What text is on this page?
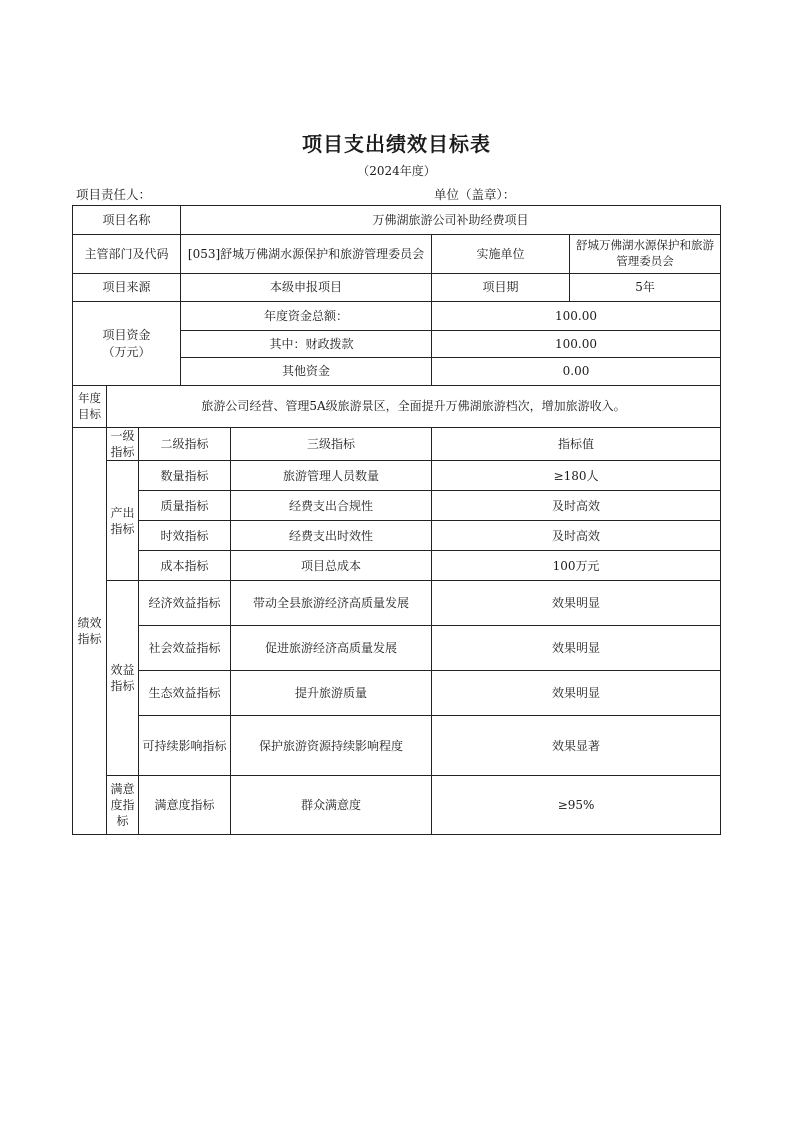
项目支出绩效目标表
（2024年度）
项目责任人：	单位（盖章）：
项目名称			万佛湖旅游公司补助经费项目			
主管部门及代码			[053]舒城万佛湖水源保护和旅游管理委员会		实施单位	舒城万佛湖水源保护和旅游管理委员会
项目来源			本级申报项目		项目期	5年

项目资金
（万元）			年度资金总额：		100.00	
			其中：财政拨款		100.00	
			其他资金		0.00	
年度目标	旅游公司经营、管理5A级旅游景区，全面提升万佛湖旅游档次，增加旅游收入。					
绩效指标	一级指标	二级指标		三级指标	指标值	
	产出指标	数量指标		旅游管理人员数量	≥180人	
		质量指标		经费支出合规性	及时高效	
		时效指标		经费支出时效性	及时高效	
		成本指标		项目总成本	100万元	
	效益指标	经济效益指标		带动全县旅游经济高质量发展	效果明显	
		社会效益指标		促进旅游经济高质量发展	效果明显	
		生态效益指标		提升旅游质量	效果明显	
		可持续影响指标		保护旅游资源持续影响程度	效果显著	
	满意度指标	满意度指标		群众满意度	≥95%	
